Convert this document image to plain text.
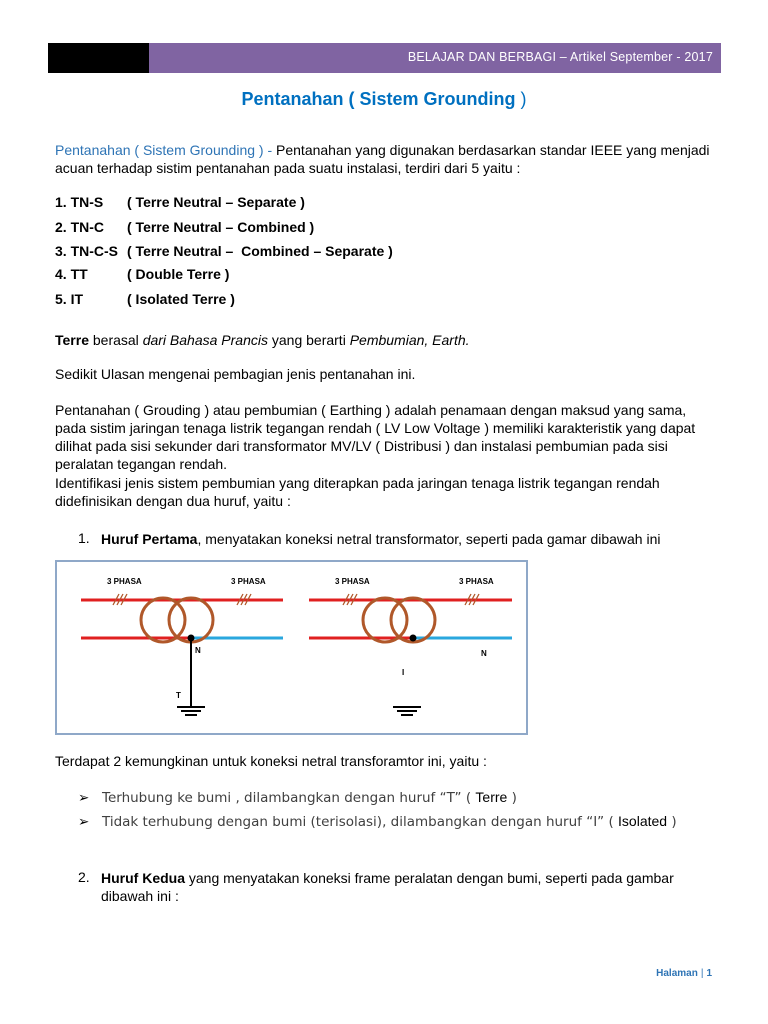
BELAJAR DAN BERBAGI – Artikel September - 2017
Pentanahan ( Sistem Grounding )

Pentanahan ( Sistem Grounding ) - Pentanahan yang digunakan berdasarkan standar IEEE yang menjadi acuan terhadap sistim pentanahan pada suatu instalasi, terdiri dari 5 yaitu :

1. TN-S ( Terre Neutral – Separate )
2. TN-C ( Terre Neutral – Combined )
3. TN-C-S ( Terre Neutral –  Combined – Separate )
4. TT	( Double Terre )
5. IT	( Isolated Terre )

Terre berasal dari Bahasa Prancis yang berarti Pembumian, Earth.

Sedikit Ulasan mengenai pembagian jenis pentanahan ini.

Pentanahan ( Grouding ) atau pembumian ( Earthing ) adalah penamaan dengan maksud yang sama, pada sistim jaringan tenaga listrik tegangan rendah ( LV Low Voltage ) memiliki karakteristik yang dapat dilihat pada sisi sekunder dari transformator MV/LV ( Distribusi ) dan instalasi pembumian pada sisi peralatan tegangan rendah.

Identifikasi jenis sistem pembumian yang diterapkan pada jaringan tenaga listrik tegangan rendah didefinisikan dengan dua huruf, yaitu :

1. Huruf Pertama, menyatakan koneksi netral transformator, seperti pada gamar dibawah ini
3 PHASA	3 PHASA
N
T
3 PHASA	3 PHASA
N
I

Terdapat 2 kemungkinan untuk koneksi netral transforamtor ini, yaitu :

➢ Terhubung ke bumi , dilambangkan dengan huruf “T” ( Terre )
➢ Tidak terhubung dengan bumi (terisolasi), dilambangkan dengan huruf “I” ( Isolated )
2. Huruf Kedua yang menyatakan koneksi frame peralatan dengan bumi, seperti pada gambar dibawah ini :
Halaman | 1
